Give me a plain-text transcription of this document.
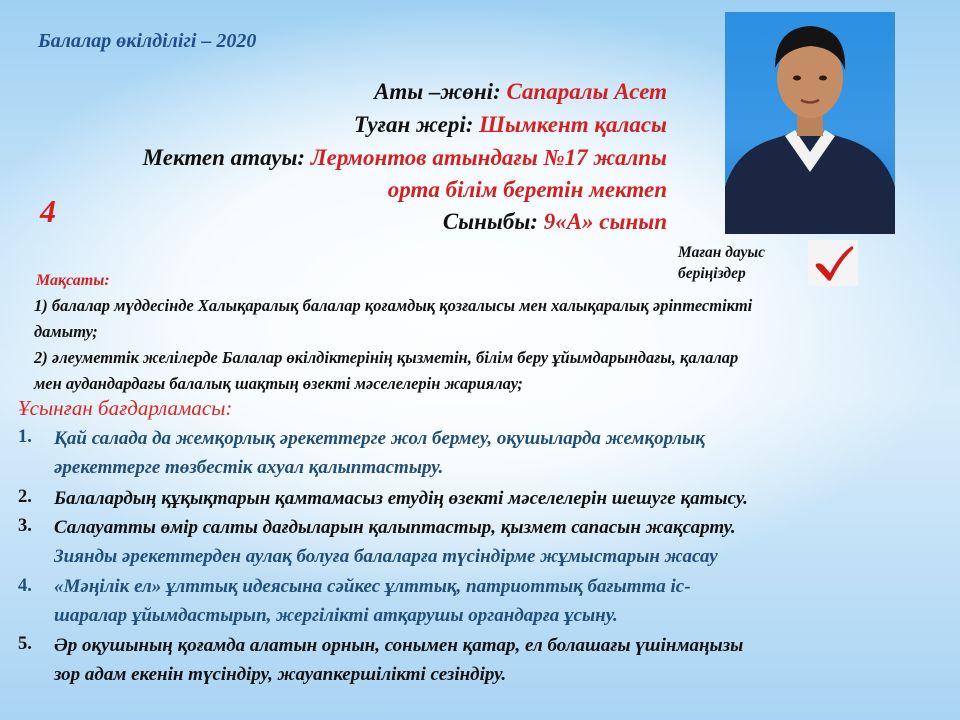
Балалар өкілділігі – 2020
Аты –жөні: Сапаралы Асет
Туған жері: Шымкент қаласы
Мектеп атауы: Лермонтов атындағы №17 жалпы
орта білім беретін мектеп
Сыныбы: 9«А» сынып
4
Маған дауыс
беріңіздер
Мақсаты:
1) балалар мүддесінде Халықаралық балалар қоғамдық қозғалысы мен халықаралық әріптестікті
дамыту;
2) әлеуметтік желілерде Балалар өкілдіктерінің қызметін, білім беру ұйымдарындағы, қалалар
мен аудандардағы балалық шақтың өзекті мәселелерін жариялау;
Ұсынған бағдарламасы:
1. Қай салада да жемқорлық әрекеттерге жол бермеу, оқушыларда жемқорлық
әрекеттерге төзбестік ахуал қалыптастыру.
2. Балалардың құқықтарын қамтамасыз етудің өзекті мәселелерін шешуге қатысу.
3. Салауатты өмір салты дағдыларын қалыптастыр, қызмет сапасын жақсарту.
Зиянды әрекеттерден аулақ болуға балаларға түсіндірме жұмыстарын жасау
4. «Мәңілік ел» ұлттық идеясына сәйкес ұлттық, патриоттық бағытта іс-
шаралар ұйымдастырып, жергілікті атқарушы органдарға ұсыну.
5. Әр оқушының қоғамда алатын орнын, сонымен қатар, ел болашағы үшінмаңызы
зор адам екенін түсіндіру, жауапкершілікті сезіндіру.
